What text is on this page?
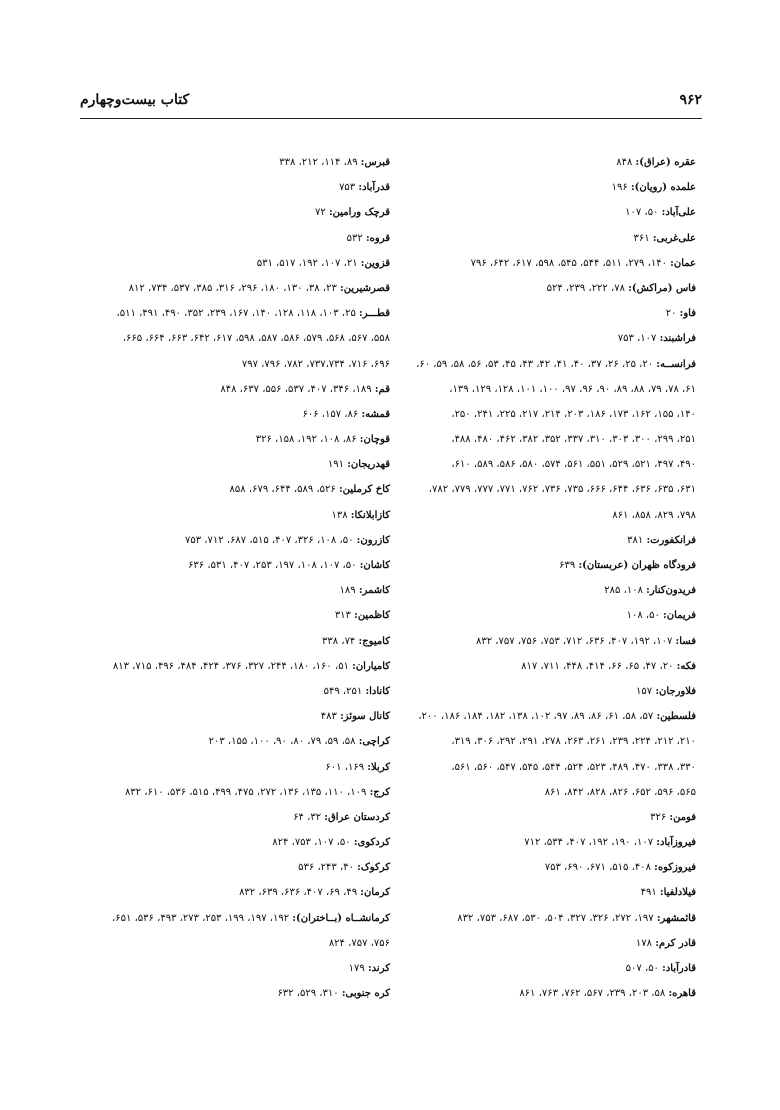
۹۶۲
کتاب بیست‌وچهارم
عقره (عراق): ۸۴۸
علمده (رویان): ۱۹۶
علی‌آباد: ۵۰، ۱۰۷
علی‌غربی: ۳۶۱
عمان: ۱۴۰، ۲۷۹، ۵۱۱، ۵۴۴، ۵۴۵، ۵۹۸، ۶۱۷، ۶۴۲، ۷۹۶
فاس (مراکش): ۷۸، ۲۲۲، ۲۳۹، ۵۲۴
فاو: ۲۰
فراشبند: ۱۰۷، ۷۵۳
فرانســه: ۲۰، ۲۵، ۲۶، ۳۷، ۴۰، ۴۱، ۴۲، ۴۳، ۴۵، ۵۳، ۵۶، ۵۸، ۵۹، ۶۰،
۶۱، ۷۸، ۷۹، ۸۸، ۸۹، ۹۰، ۹۶، ۹۷، ۱۰۰، ۱۰۱، ۱۲۸، ۱۲۹، ۱۳۹،
۱۴۰، ۱۵۵، ۱۶۲، ۱۷۳، ۱۸۶، ۲۰۳، ۲۱۴، ۲۱۷، ۲۲۵، ۲۴۱، ۲۵۰،
۲۵۱، ۲۹۹، ۳۰۰، ۳۰۳، ۳۱۰، ۳۳۷، ۳۵۲، ۳۸۲، ۴۶۲، ۴۸۰، ۴۸۸،
۴۹۰، ۴۹۷، ۵۲۱، ۵۲۹، ۵۵۱، ۵۶۱، ۵۷۴، ۵۸۰، ۵۸۶، ۵۸۹، ۶۱۰،
۶۳۱، ۶۳۵، ۶۳۶، ۶۴۴، ۶۶۶، ۷۳۵، ۷۳۶، ۷۶۲، ۷۷۱، ۷۷۷، ۷۷۹، ۷۸۲،
۷۹۸، ۸۲۹، ۸۵۸، ۸۶۱
فرانکفورت: ۳۸۱
فرودگاه ظهران (عربستان): ۶۳۹
فریدون‌کنار: ۱۰۸، ۲۸۵
فریمان: ۵۰، ۱۰۸
فسا: ۱۰۷، ۱۹۲، ۴۰۷، ۶۳۶، ۷۱۲، ۷۵۳، ۷۵۶، ۷۵۷، ۸۳۲
فکه: ۲۰، ۴۷، ۶۵، ۶۶، ۴۱۴، ۴۴۸، ۷۱۱، ۸۱۷
فلاورجان: ۱۵۷
فلسطین: ۵۷، ۵۸، ۶۱، ۸۶، ۸۹، ۹۷، ۱۰۲، ۱۳۸، ۱۸۲، ۱۸۴، ۱۸۶، ۲۰۰،
۲۱۰، ۲۱۲، ۲۲۴، ۲۳۹، ۲۶۱، ۲۶۳، ۲۷۸، ۲۹۱، ۲۹۲، ۳۰۶، ۳۱۹،
۳۳۰، ۳۳۸، ۴۷۰، ۴۸۹، ۵۲۳، ۵۲۴، ۵۴۴، ۵۴۵، ۵۴۷، ۵۶۰، ۵۶۱،
۵۶۵، ۵۹۶، ۶۵۲، ۸۲۶، ۸۲۸، ۸۴۲، ۸۶۱
فومن: ۳۲۶
فیروزآباد: ۱۰۷، ۱۹۰، ۱۹۲، ۴۰۷، ۵۳۴، ۷۱۲
فیروزکوه: ۴۰۸، ۵۱۵، ۶۷۱، ۶۹۰، ۷۵۳
فیلادلفیا: ۴۹۱
قائمشهر: ۱۹۷، ۲۷۲، ۳۲۶، ۳۲۷، ۵۰۴، ۵۳۰، ۶۸۷، ۷۵۳، ۸۳۲
قادر کرم: ۱۷۸
قادرآباد: ۵۰، ۵۰۷
قاهره: ۵۸، ۲۰۳، ۲۳۹، ۵۶۷، ۷۶۲، ۷۶۳، ۸۶۱
قبرس: ۸۹، ۱۱۴، ۲۱۲، ۳۳۸
قدرآباد: ۷۵۳
قرچک ورامین: ۷۲
قروه: ۵۳۲
قزوین: ۲۱، ۱۰۷، ۱۹۲، ۵۱۷، ۵۳۱
قصرشیرین: ۲۳، ۳۸، ۱۳۰، ۱۸۰، ۲۹۶، ۳۱۶، ۳۸۵، ۵۳۷، ۷۳۴، ۸۱۲
قطـــر: ۲۵، ۱۰۳، ۱۱۸، ۱۲۸، ۱۴۰، ۱۶۷، ۲۳۹، ۳۵۲، ۴۹۰، ۴۹۱، ۵۱۱،
۵۵۸، ۵۶۷، ۵۶۸، ۵۷۹، ۵۸۶، ۵۸۷، ۵۹۸، ۶۱۷، ۶۴۲، ۶۶۳، ۶۶۴، ۶۶۵،
۶۹۶، ۷۱۶، ۷۳۷،۷۳۴، ۷۸۲، ۷۹۶، ۷۹۷
قم: ۱۸۹، ۳۴۶، ۴۰۷، ۵۳۷، ۵۵۶، ۶۳۷، ۸۴۸
قمشه: ۸۶، ۱۵۷، ۶۰۶
قوچان: ۸۶، ۱۰۸، ۱۹۲، ۱۵۸، ۳۲۶
قهدریجان: ۱۹۱
کاخ کرملین: ۵۲۶، ۵۸۹، ۶۴۴، ۶۷۹، ۸۵۸
کازابلانکا: ۱۳۸
کازرون: ۵۰، ۱۰۸، ۳۲۶، ۴۰۷، ۵۱۵، ۶۸۷، ۷۱۲، ۷۵۳
کاشان: ۵۰، ۱۰۷، ۱۰۸، ۱۹۷، ۲۵۳، ۴۰۷، ۵۳۱، ۶۳۶
کاشمر: ۱۸۹
کاظمین: ۳۱۳
کامیوج: ۷۴، ۳۳۸
کامیاران: ۵۱، ۱۶۰، ۱۸۰، ۲۴۴، ۳۲۷، ۳۷۶، ۴۲۴، ۴۸۴، ۴۹۶، ۷۱۵، ۸۱۳
کانادا: ۲۵۱، ۵۴۹
کانال سوئز: ۴۸۳
کراچی: ۵۸، ۵۹، ۷۹، ۸۰، ۹۰، ۱۰۰، ۱۵۵، ۲۰۳
کربلا: ۱۶۹، ۶۰۱
کرج: ۱۰۹، ۱۱۰، ۱۳۵، ۱۳۶، ۲۷۲، ۴۷۵، ۴۹۹، ۵۱۵، ۵۳۶، ۶۱۰، ۸۳۲
کردستان عراق: ۳۲، ۶۴
کردکوی: ۵۰، ۱۰۷، ۷۵۳، ۸۲۴
کرکوک: ۴۰، ۲۴۳، ۵۳۶
کرمان: ۴۹، ۶۹، ۴۰۷، ۶۳۶، ۶۳۹، ۸۳۲
کرمانشــاه (بــاختران): ۱۹۲، ۱۹۷، ۱۹۹، ۲۵۳، ۲۷۳، ۴۹۳، ۵۳۶، ۶۵۱،
۷۵۶، ۷۵۷، ۸۲۴
کرند: ۱۷۹
کره جنوبی: ۳۱۰، ۵۲۹، ۶۳۲
